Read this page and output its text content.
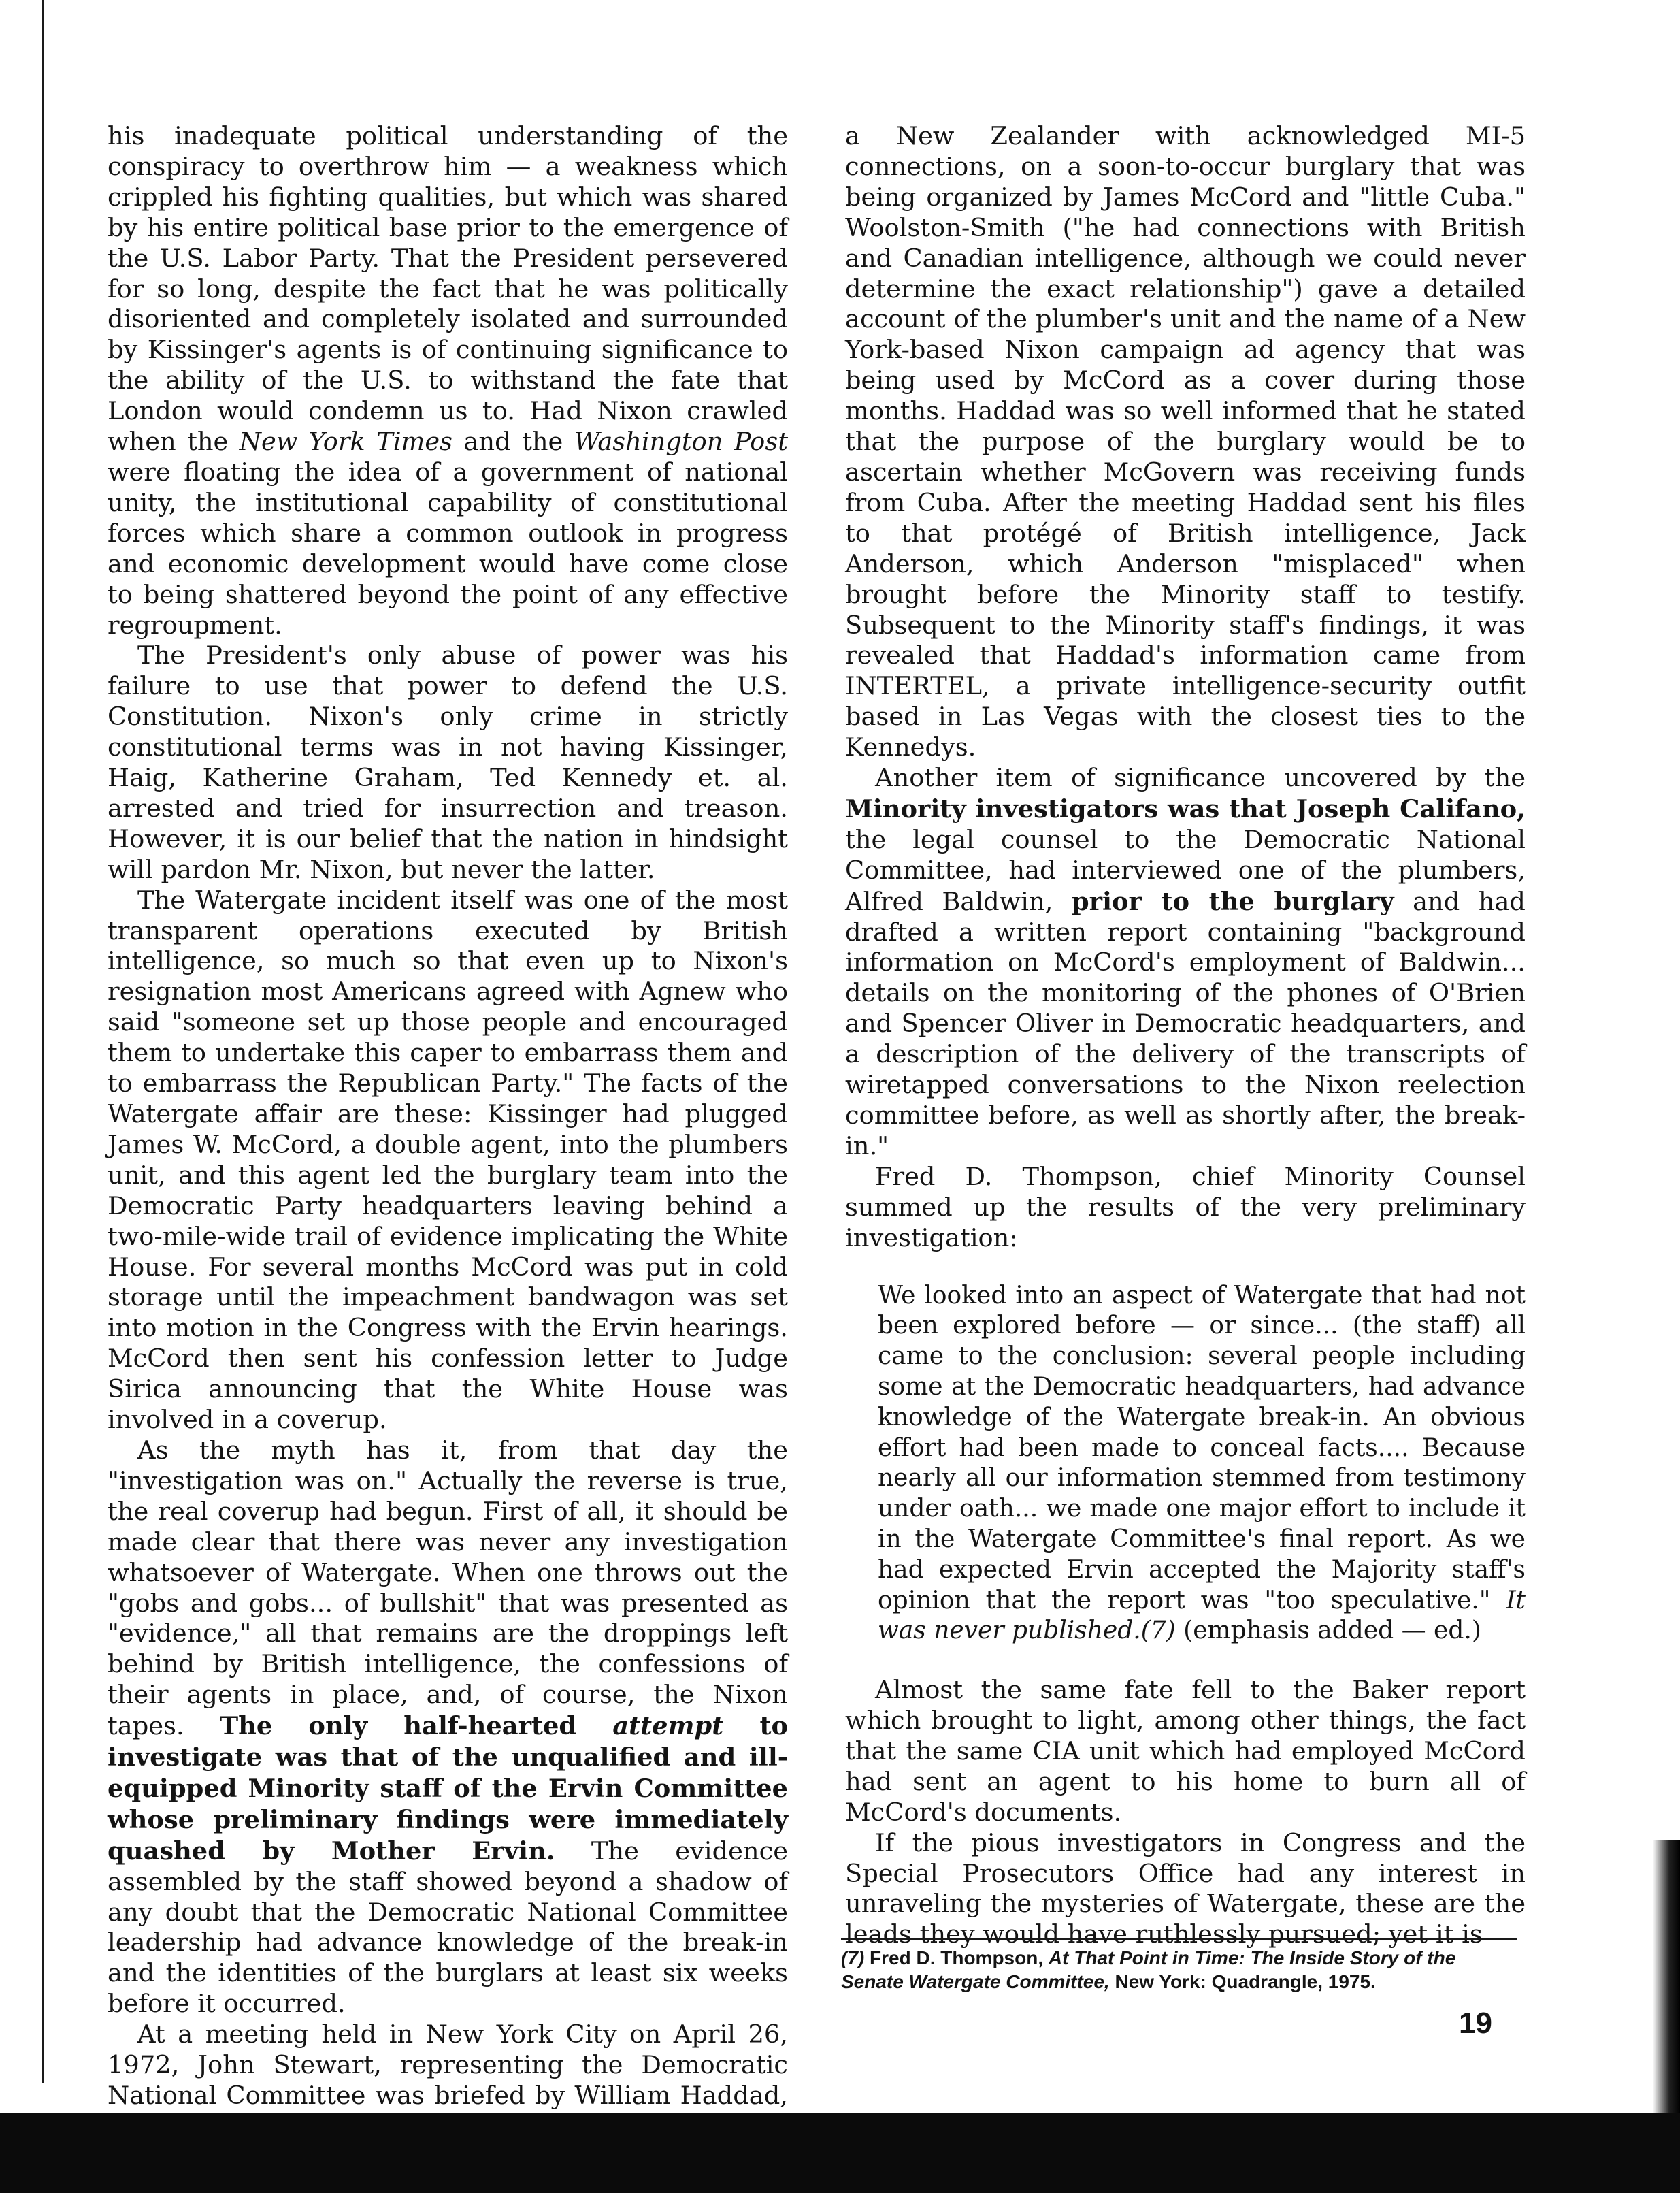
his inadequate political understanding of the conspiracy to overthrow him — a weakness which crippled his fighting qualities, but which was shared by his entire political base prior to the emergence of the U.S. Labor Party. That the President persevered for so long, despite the fact that he was politically disoriented and completely isolated and surrounded by Kissinger's agents is of continuing significance to the ability of the U.S. to withstand the fate that London would condemn us to. Had Nixon crawled when the New York Times and the Washington Post were floating the idea of a government of national unity, the institutional capability of constitutional forces which share a common outlook in progress and economic development would have come close to being shattered beyond the point of any effective regroupment.

The President's only abuse of power was his failure to use that power to defend the U.S. Constitution. Nixon's only crime in strictly constitutional terms was in not having Kissinger, Haig, Katherine Graham, Ted Kennedy et. al. arrested and tried for insurrection and treason. However, it is our belief that the nation in hindsight will pardon Mr. Nixon, but never the latter.

The Watergate incident itself was one of the most transparent operations executed by British intelligence, so much so that even up to Nixon's resignation most Americans agreed with Agnew who said "someone set up those people and encouraged them to undertake this caper to embarrass them and to embarrass the Republican Party." The facts of the Watergate affair are these: Kissinger had plugged James W. McCord, a double agent, into the plumbers unit, and this agent led the burglary team into the Democratic Party headquarters leaving behind a two-mile-wide trail of evidence implicating the White House. For several months McCord was put in cold storage until the impeachment bandwagon was set into motion in the Congress with the Ervin hearings. McCord then sent his confession letter to Judge Sirica announcing that the White House was involved in a coverup.

As the myth has it, from that day the "investigation was on." Actually the reverse is true, the real coverup had begun. First of all, it should be made clear that there was never any investigation whatsoever of Watergate. When one throws out the "gobs and gobs... of bullshit" that was presented as "evidence," all that remains are the droppings left behind by British intelligence, the confessions of their agents in place, and, of course, the Nixon tapes. The only half-hearted attempt to investigate was that of the unqualified and ill-equipped Minority staff of the Ervin Committee whose preliminary findings were immediately quashed by Mother Ervin. The evidence assembled by the staff showed beyond a shadow of any doubt that the Democratic National Committee leadership had advance knowledge of the break-in and the identities of the burglars at least six weeks before it occurred.

At a meeting held in New York City on April 26, 1972, John Stewart, representing the Democratic National Committee was briefed by William Haddad,

a New Zealander with acknowledged MI-5 connections, on a soon-to-occur burglary that was being organized by James McCord and "little Cuba." Woolston-Smith ("he had connections with British and Canadian intelligence, although we could never determine the exact relationship") gave a detailed account of the plumber's unit and the name of a New York-based Nixon campaign ad agency that was being used by McCord as a cover during those months. Haddad was so well informed that he stated that the purpose of the burglary would be to ascertain whether McGovern was receiving funds from Cuba. After the meeting Haddad sent his files to that protégé of British intelligence, Jack Anderson, which Anderson "misplaced" when brought before the Minority staff to testify. Subsequent to the Minority staff's findings, it was revealed that Haddad's information came from INTERTEL, a private intelligence-security outfit based in Las Vegas with the closest ties to the Kennedys.

Another item of significance uncovered by the Minority investigators was that Joseph Califano, the legal counsel to the Democratic National Committee, had interviewed one of the plumbers, Alfred Baldwin, prior to the burglary and had drafted a written report containing "background information on McCord's employment of Baldwin... details on the monitoring of the phones of O'Brien and Spencer Oliver in Democratic headquarters, and a description of the delivery of the transcripts of wiretapped conversations to the Nixon reelection committee before, as well as shortly after, the break-in."

Fred D. Thompson, chief Minority Counsel summed up the results of the very preliminary investigation:

We looked into an aspect of Watergate that had not been explored before — or since... (the staff) all came to the conclusion: several people including some at the Democratic headquarters, had advance knowledge of the Watergate break-in. An obvious effort had been made to conceal facts.... Because nearly all our information stemmed from testimony under oath... we made one major effort to include it in the Watergate Committee's final report. As we had expected Ervin accepted the Majority staff's opinion that the report was "too speculative." It was never published.(7) (emphasis added — ed.)

Almost the same fate fell to the Baker report which brought to light, among other things, the fact that the same CIA unit which had employed McCord had sent an agent to his home to burn all of McCord's documents.

If the pious investigators in Congress and the Special Prosecutors Office had any interest in unraveling the mysteries of Watergate, these are the leads they would have ruthlessly pursued; yet it is

(7) Fred D. Thompson, At That Point in Time: The Inside Story of the Senate Watergate Committee, New York: Quadrangle, 1975.
19
